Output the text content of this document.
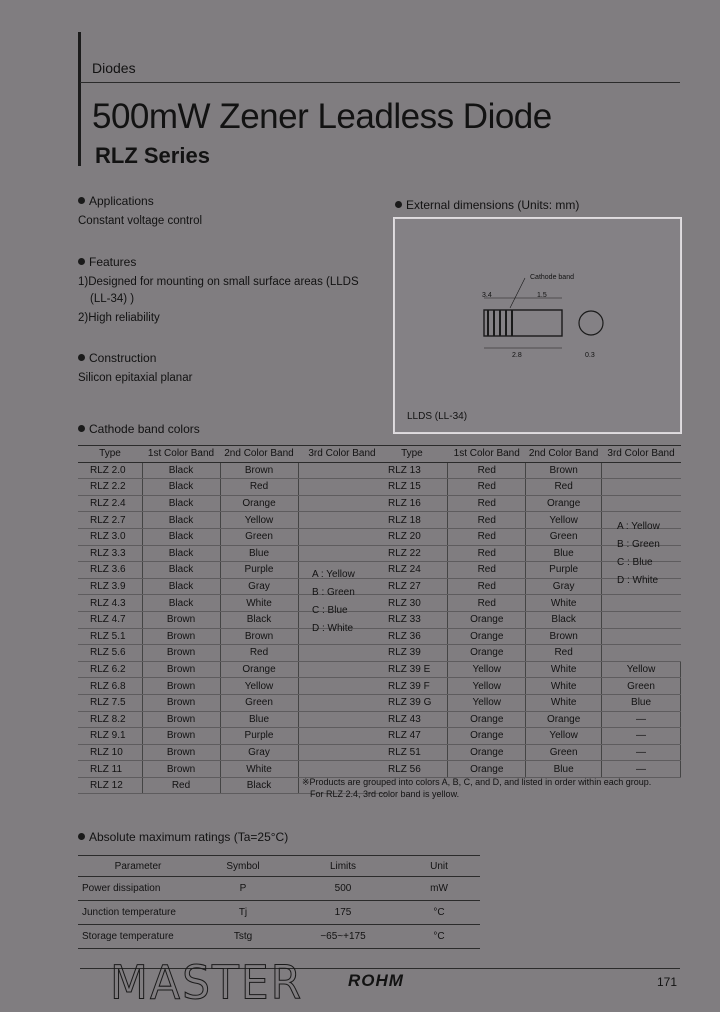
Diodes
500mW Zener Leadless Diode
RLZ Series
Applications
Constant voltage control
Features
1)Designed for mounting on small surface areas (LLDS
(LL-34) )
2)High reliability
Construction
Silicon epitaxial planar
External dimensions (Units: mm)
Cathode band
3.4	1.5
2.8	0.3
LLDS (LL-34)
Cathode band colors
Type	1st Color Band	2nd Color Band	3rd Color Band
RLZ 2.0	Black	Brown	
RLZ 2.2	Black	Red	
RLZ 2.4	Black	Orange	
RLZ 2.7	Black	Yellow	
RLZ 3.0	Black	Green	
RLZ 3.3	Black	Blue	
RLZ 3.6	Black	Purple	
RLZ 3.9	Black	Gray	
RLZ 4.3	Black	White	
RLZ 4.7	Brown	Black	
RLZ 5.1	Brown	Brown	
RLZ 5.6	Brown	Red	
RLZ 6.2	Brown	Orange	
RLZ 6.8	Brown	Yellow	
RLZ 7.5	Brown	Green	
RLZ 8.2	Brown	Blue	
RLZ 9.1	Brown	Purple	
RLZ 10	Brown	Gray	
RLZ 11	Brown	White	
RLZ 12	Red	Black	
A : Yellow
B : Green
C : Blue
D : White
Type	1st Color Band	2nd Color Band	3rd Color Band
RLZ 13	Red	Brown	
RLZ 15	Red	Red	
RLZ 16	Red	Orange	
RLZ 18	Red	Yellow	
RLZ 20	Red	Green	
RLZ 22	Red	Blue	
RLZ 24	Red	Purple	
RLZ 27	Red	Gray	
RLZ 30	Red	White	
RLZ 33	Orange	Black	
RLZ 36	Orange	Brown	
RLZ 39	Orange	Red	
RLZ 39 E	Yellow	White	Yellow
RLZ 39 F	Yellow	White	Green
RLZ 39 G	Yellow	White	Blue
RLZ 43	Orange	Orange	—
RLZ 47	Orange	Yellow	—
RLZ 51	Orange	Green	—
RLZ 56	Orange	Blue	—
A : Yellow
B : Green
C : Blue
D : White
※Products are grouped into colors A, B, C, and D, and listed in order within each group.
For RLZ 2.4, 3rd color band is yellow.
Absolute maximum ratings (Ta=25°C)
Parameter	Symbol	Limits	Unit
Power dissipation	P	500	mW
Junction temperature	Tj	175	°C
Storage temperature	Tstg	−65~+175	°C
MASTER	ROHM	171
